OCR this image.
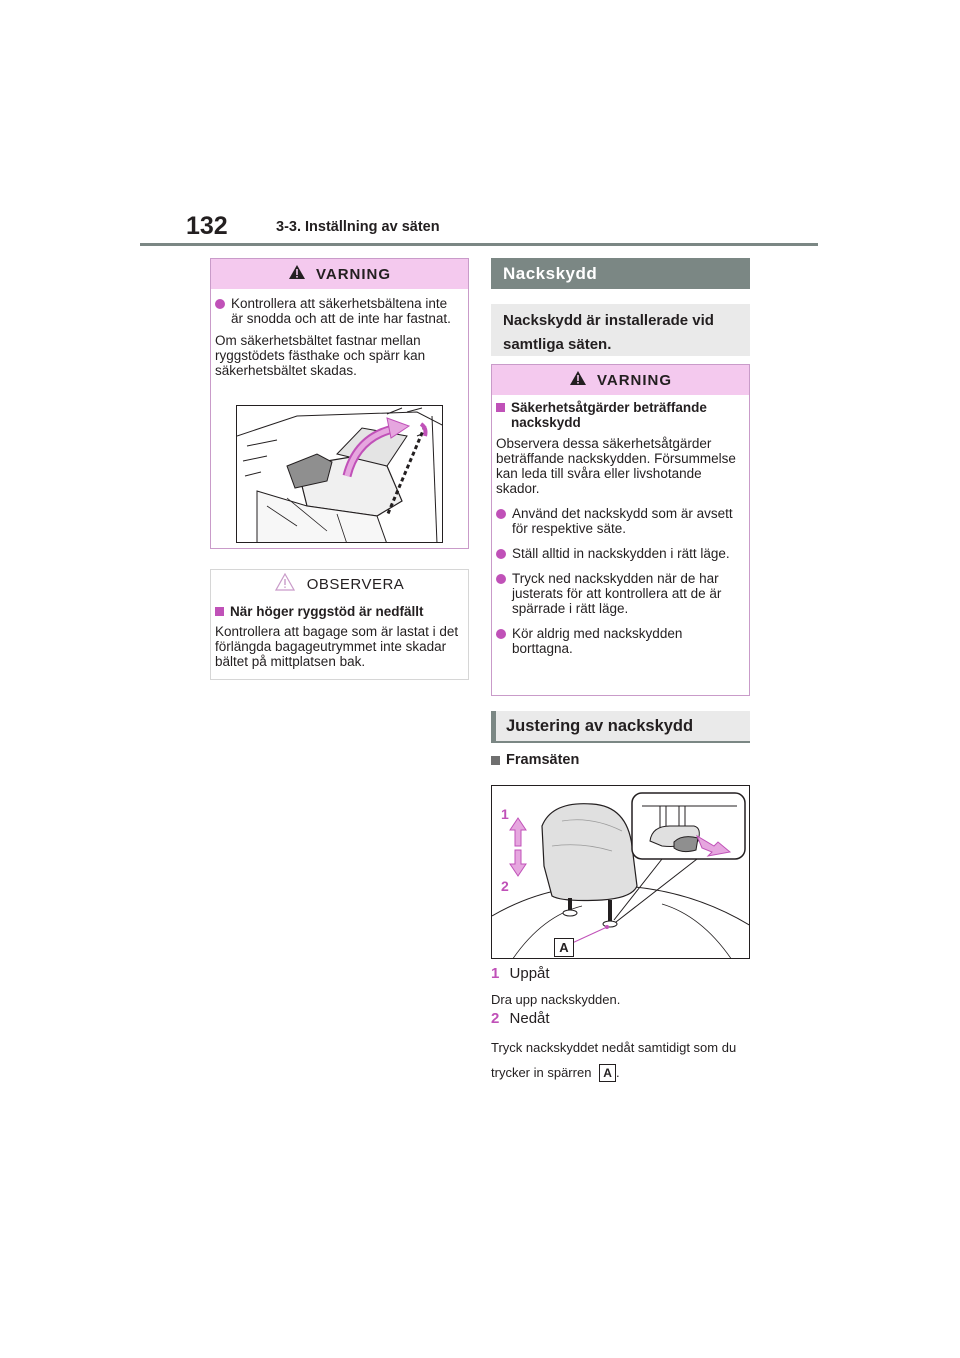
132	3-3. Inställning av säten
VARNING
Kontrollera att säkerhetsbältena inte är snodda och att de inte har fastnat.
Om säkerhetsbältet fastnar mellan ryggstödets fästhake och spärr kan säkerhetsbältet skadas.
OBSERVERA
När höger ryggstöd är nedfällt
Kontrollera att bagage som är lastat i det förlängda bagageutrymmet inte skadar bältet på mittplatsen bak.
Nackskydd
Nackskydd är installerade vid samtliga säten.
VARNING
Säkerhetsåtgärder beträffande nackskydd
Observera dessa säkerhetsåtgärder beträffande nackskydden. Försummelse kan leda till svåra eller livshotande skador.
Använd det nackskydd som är avsett för respektive säte.
Ställ alltid in nackskydden i rätt läge.
Tryck ned nackskydden när de har justerats för att kontrollera att de är spärrade i rätt läge.
Kör aldrig med nackskydden borttagna.
Justering av nackskydd
Framsäten
1
2
A
1 Uppåt
Dra upp nackskydden.
2 Nedåt
Tryck nackskyddet nedåt samtidigt som du trycker in spärren A .
